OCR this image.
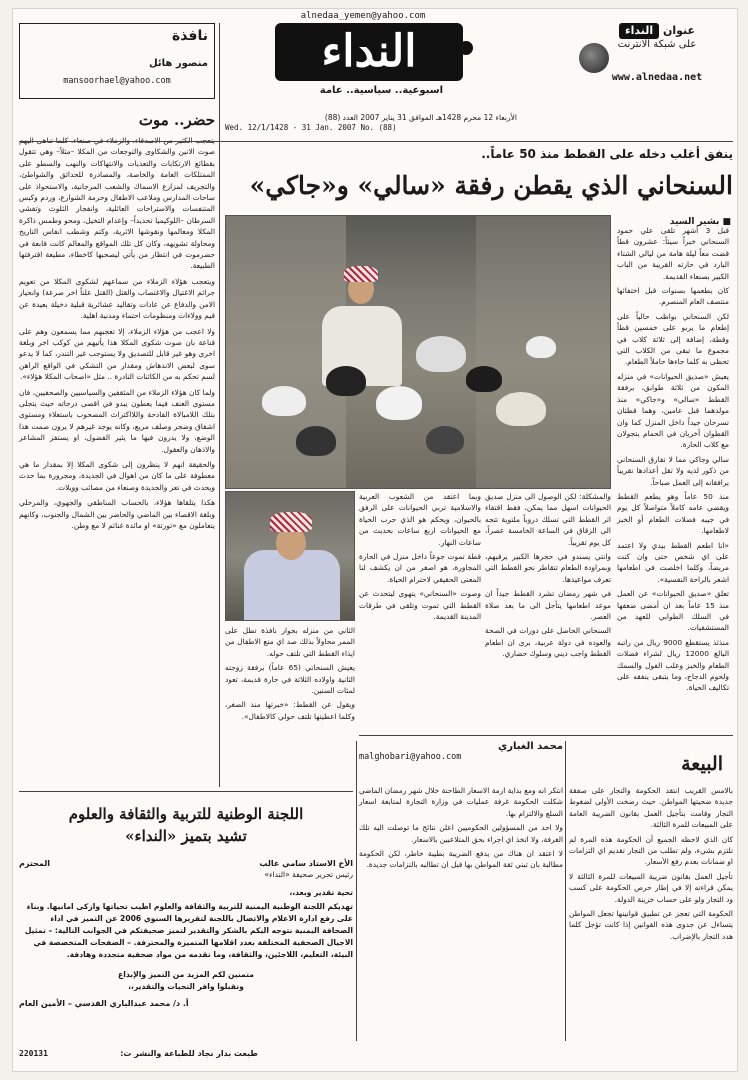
alnedaa_yemen@yahoo.com
النداء
اسبوعية.. سياسية.. عامة
الأربعاء 12 محرم 1428هـ الموافق 31 يناير 2007 العدد (88)
Wed. 12/1/1428 - 31 Jan. 2007 No. (88)
عنوان النداء
على شبكة الانترنت
www.alnedaa.net
نافذة
منصور هائل
mansoorhael@yahoo.com
حضر.. موت

صوت الانين والشكاوى والتوجعات من المكلا –مثلاً– وهي تتقول بقطائع الارتكابات والتعديات والانتهاكات والنهب والسطو على الممتلكات العامة والخاصة، والمصادرة للحدائق والشواطئ، والتجريف لمزارع الاسماك والشعب المرجانية، والاستحواذ على ساحات المدارس وملاعب الاطفال وحرمة الشوارع، وردم وكبس المتنفسات والاستراحات العائلية، وانفجار الثلوث وتفشي السرطان –اللوكيميا تحديداً– وإعدام التخيل، ومحو وطمس ذاكرة المكلا ومعالمها ونقوشها الاثرية، وكتم وشطب انفاس التاريخ ومحاولة تشويهه، وكان كل تلك المواقع والمعالم كانت قابعة في حضرموت في انتظار من يأتي ليصحبها كاخطاء، مطيعة اقترفتها الطبيعة.

ويتعجب هؤلاء الزملاء من سماعهم لشكوى المكلا من تعويم جرائم الاغتيال والاغتصاب والقتل (القتل علناً اخر صرعة) وانحياز الامن والدفاع عن عادات وتقاليد عشائرية قبلية دخيلة بعيدة عن قيم وولاءات ومنظومات احتماء ومدنية اهلية.

ولا اعجب من هؤلاء الزملاء، إلا تعجبهم مما يسمعون وهم على قناعة بان صوت شكوى المكلا هذا يأتيهم من كوكب اخر وبلغة اخرى وهو غير قابل للتصديق ولا يستوجب غير التندر، كما لا يدعو سوى لبعض الاندهاش ومقدار من التشكي في الواقع الراهن لسم تحكم به من الكائنات النادرة .. مثل «اصحاب المكلا هؤلاء».

ولما كان هؤلاء الزملاء من المثقفين والسياسيين والصحفيين، فان مستوى العنف فيما يعطون يبدو في اقصى درجاته حيث يتجلى بتلك اللامبالاة الفادحة واللااكتراث المصحوب باستعلاء ومستوى اشفاق وضجر وصلف مريع، وكانه يوجد غيرهم لا يرون صمت هذا الوضع، ولا يدرون فيها ما يثير الفضول، او يستفز المشاعر والاذهان والعقول.

والحقيقة انهم لا ينظرون إلى شكوى المكلا إلا بمقدار ما هي معطوفة على ما كان من اهوال في الجديدة، ومجرورة بما حدث ويحدث في تعز والحديدة وصنعاء من مصائب وويلات.

هكذا يتلقاها هؤلاء، بالحساب المناطقي والجهوي، والمرحلي وبلغة الاقصاء بين الماضي والحاضر بين الشمال والجنوب، وكانهم يتعاملون مع «تورتة» او مائدة غنائم لا مع وطن.

ينفق أغلب دخله على القطط منذ 50 عاماً..
السنحاني الذي يقطن رفقة «سالي» و«جاكي»
■ بشير السيد

قبل 3 أشهر تلقى علي حمود السنحاني خبراً سيئاً: عشرون قطاً قضت معاً ليلة هامة من ليالي الشتاء البارد في حارته القريبة من الباب الكبير بصنعاء القديمة.

كان يطعمها بسنوات قبل اختفائها منتصف العام المنصرم.

لكن السنحاني بواظب حالياً على إطعام ما يربو على خمسين قطاً وقطة، إضافة إلى ثلاثة كلاب في مجموع ما تبقى من الكلاب التي تحظى به كلما جاءها حاملاً الطعام.

يعيش «صديق الحيوانات» في منزله المكون من ثلاثة طوابق، برفقة القطط «سالي» و«جاكي» منذ مولدهما قبل عامين، وهما قطتان تسرحان جيداً داخل المنزل كما وان القطوان أخريان في الحمام يتجولان مع كلاب الحارة.

سالي وجاكي مما لا تفارق السنحاني من ذكور لديه ولا تقل أعدادها تقريباً يرافقانه إلى العمل صباحاً.

منذ 50 عاماً وهو يطعم القطط ويقضي عامه كاملاً متواصلاً كل يوم في جيبه فضلات الطعام أو الخبز لاطعامها.

«انا اطعم القطط بيدي ولا اعتمد على اي شخص حتى وان كنت مريضاً، وكلما اخلصت في اطعامها اشعر بالراحة النفسية».

تعلق «صديق الحيوانات» عن العمل منذ 15 عاماً بعد ان أمضى ضعفها في السلك الطوابي للعهد من المستشفيات.

منذئذ يستقطع 9000 ريال من راتبه البالغ 12000 ريال لشراء فضلات الطعام والخبز وعلب الفول والسمك ولحوم الدجاج، وما يتبقى ينفقه على تكاليف الحياة.

والمشكلة: لكن الوصول الى منزل صديق الحيوانات اسهل مما يمكن، فقط اقتفاء اثر القطط التي تسلك دروباً ملتوية تتجه الى الزقاق في الساعة الخامسة عصراً، كل يوم تقريباً.

وانتي يسندو في حجرها الكبير يرقبهم، وبمراودة الطعام تتقاطر نحو القطط التي تعرف مواعيدها.

في شهر رمضان تشرد القطط جيداً ان موعد اطعامها يتأجل الى ما بعد صلاة العصر.

السنحاني الحاصل على دورات في الصحة والعوده في دولة عربية، برى ان اطعام القطط واجب ديني وسلوك حضاري.

وبما اعتقد من الشعوب العربية والاسلامية تربي الحيوانات على الرفق بالحيوان، ويحكم هو الذي جرب الحياة مع الحيوانات اربع ساعات بحديث من ساعات النهار.

قطة تموت جوعاً داخل منزل في الحارة المجاورة، هو اصغر من ان يكشف لنا المعنى الحقيقي لاحترام الحياة.

وصوت «السنحاني» يتهوى ليتحدث عن القطط التي تموت وتلقى في طرقات المدينة القديمة.

الثاني من منزله بجوار نافذة تطل على الممر محاولاً بذلك صد اي منع الاطفال من ايذاء القطط التي تلتف حوله.

يعيش السنحاني (65 عاماً) برفقة زوجته الثانية واولاده الثلاثة في حارة قديمة، تعود لمئات السنين.

ويقول عن القطط: «خبرتها منذ الصغر، وكلما اعطيتها تلتف حولي كالاطفال».

البيعة

بالامس القريب انتقد الحكومة والتجار على صفقة جديدة ضحيتها المواطن. حيث رضخت الأولى لضغوط التجار وقامت بتأجيل العمل بقانون الضريبة العامة على المبيعات للمرة الثالثة.

كان الذي لاحظه الجميع أن الحكومة هذه المرة لم تلتزم بشيء، ولم تطلب من التجار تقديم اي التزامات او ضمانات بعدم رفع الأسعار.

تأجيل العمل بقانون ضريبة المبيعات للمرة الثالثة لا يمكن قراءته إلا في إطار حرص الحكومة على كسب ود التجار ولو على حساب خزينة الدولة.

الحكومة التي تعجز عن تطبيق قوانينها تجعل المواطن يتساءل عن جدوى هذه القوانين إذا كانت تؤجل كلما هدد التجار بالإضراب.

محمد الغباري
malghobari@yahoo.com

انتكر انه ومع بداية ازمة الاسعار الطاحنة خلال شهر رمضان الماضي شكلت الحكومة غرفة عمليات في وزارة التجارة لمتابعة اسعار السلع والالتزام بها.

ولا احد من المسؤولين الحكوميين اعلن نتائج ما توصلت اليه تلك الغرفة، ولا اتخذ اي اجراء بحق المتلاعبين بالاسعار.

لا اعتقد ان هناك من يدفع الضريبة بطيبة خاطر، لكن الحكومة مطالبة بان تبني ثقة المواطن بها قبل ان تطالبه بالتزامات جديدة.

اللجنة الوطنية للتربية والثقافة والعلوم
تشيد بتميز «النداء»
الأخ الاستاذ سامي غالب
المحترم
رئيس تحرير صحيفة «النداء»
تحية تقدير وبعد،،
تهديكم اللجنة الوطنية اليمنية للتربية والثقافة والعلوم اطيب تحياتها وازكى امانيها. وبناء على رفع ادارة الاعلام والاتصال باللجنة لتقريرها السنوي 2006 عن التميز في اداء الصحافة اليمنية نتوجه اليكم بالشكر والتقدير لتميز صحيفتكم في الجوانب التالية: – تمثيل الاجيال الصحفية المختلفة بعدد اقلامها المتميزة والمحترفة. – الصفحات المتخصصة في البيئة، التعليم، اللاجئين، والثقافة، وما تقدمه من مواد صحفية متجددة وهادفة.
متمنين لكم المزيد من التميز والإبداع
وتقبلوا وافر التحيات والتقدير،،
أ. د/ محمد عبدالباري القدسي – الأمين العام
220131	طبعت بدار نجاد للطباعة والنشر ت:
